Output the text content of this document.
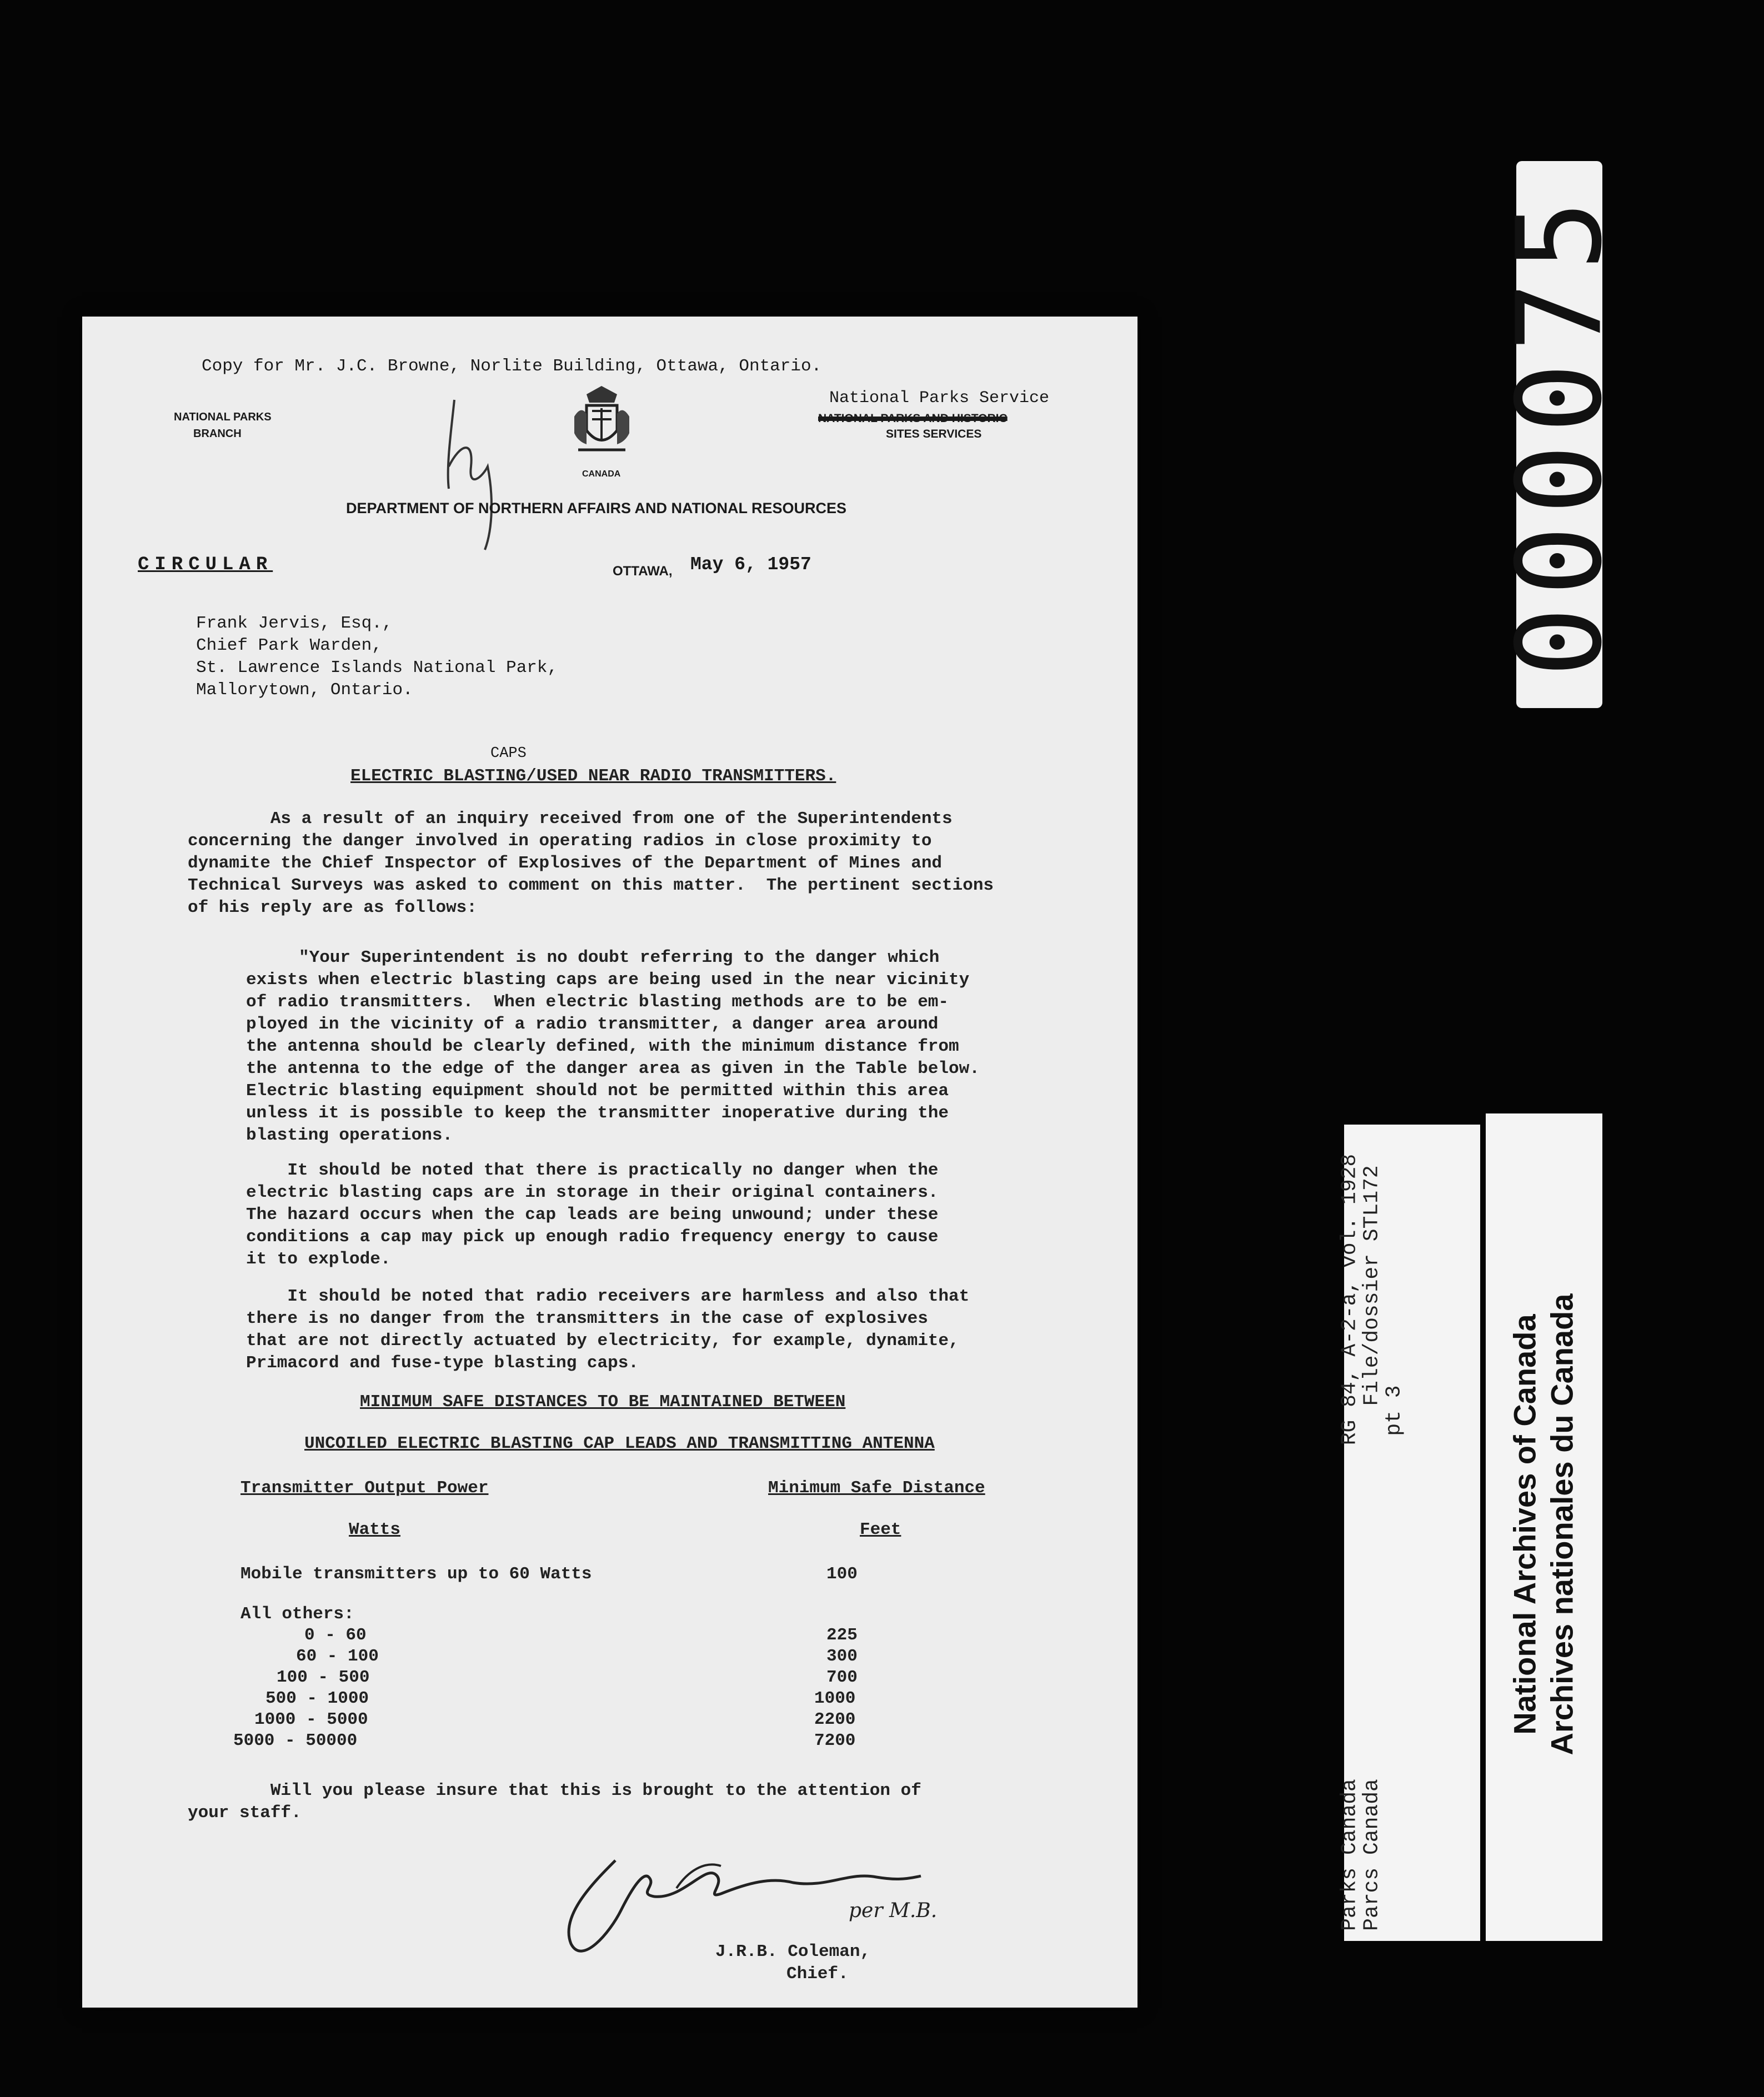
000075
RG 84, A-2-a, vol. 1928
File/dossier STL172
pt 3
Parks Canada
Parcs Canada
National Archives of Canada Archives nationales du Canada
Copy for Mr. J.C. Browne, Norlite Building, Ottawa, Ontario.
NATIONAL PARKS
BRANCH
CANADA
National Parks Service
NATIONAL PARKS AND HISTORIC
SITES SERVICES
DEPARTMENT OF NORTHERN AFFAIRS AND NATIONAL RESOURCES
CIRCULAR	OTTAWA, May 6, 1957
Frank Jervis, Esq.,
Chief Park Warden,
St. Lawrence Islands National Park,
Mallorytown, Ontario.
CAPS
ELECTRIC BLASTING/USED NEAR RADIO TRANSMITTERS.
As a result of an inquiry received from one of the Superintendents
concerning the danger involved in operating radios in close proximity to
dynamite the Chief Inspector of Explosives of the Department of Mines and
Technical Surveys was asked to comment on this matter.  The pertinent sections
of his reply are as follows:
"Your Superintendent is no doubt referring to the danger which
exists when electric blasting caps are being used in the near vicinity
of radio transmitters.  When electric blasting methods are to be em-
ployed in the vicinity of a radio transmitter, a danger area around
the antenna should be clearly defined, with the minimum distance from
the antenna to the edge of the danger area as given in the Table below.
Electric blasting equipment should not be permitted within this area
unless it is possible to keep the transmitter inoperative during the
blasting operations.
It should be noted that there is practically no danger when the
electric blasting caps are in storage in their original containers.
The hazard occurs when the cap leads are being unwound; under these
conditions a cap may pick up enough radio frequency energy to cause
it to explode.
It should be noted that radio receivers are harmless and also that
there is no danger from the transmitters in the case of explosives
that are not directly actuated by electricity, for example, dynamite,
Primacord and fuse-type blasting caps.
MINIMUM SAFE DISTANCES TO BE MAINTAINED BETWEEN
UNCOILED ELECTRIC BLASTING CAP LEADS AND TRANSMITTING ANTENNA
Transmitter Output Power	Minimum Safe Distance
Watts	Feet
Mobile transmitters up to 60 Watts	100
All others:
0 - 60	225
60 - 100	300
100 - 500	700
500 - 1000	1000
1000 - 5000	2200
5000 - 50000	7200
Will you please insure that this is brought to the attention of
your staff.
per M.B.
J.R.B. Coleman,
Chief.
